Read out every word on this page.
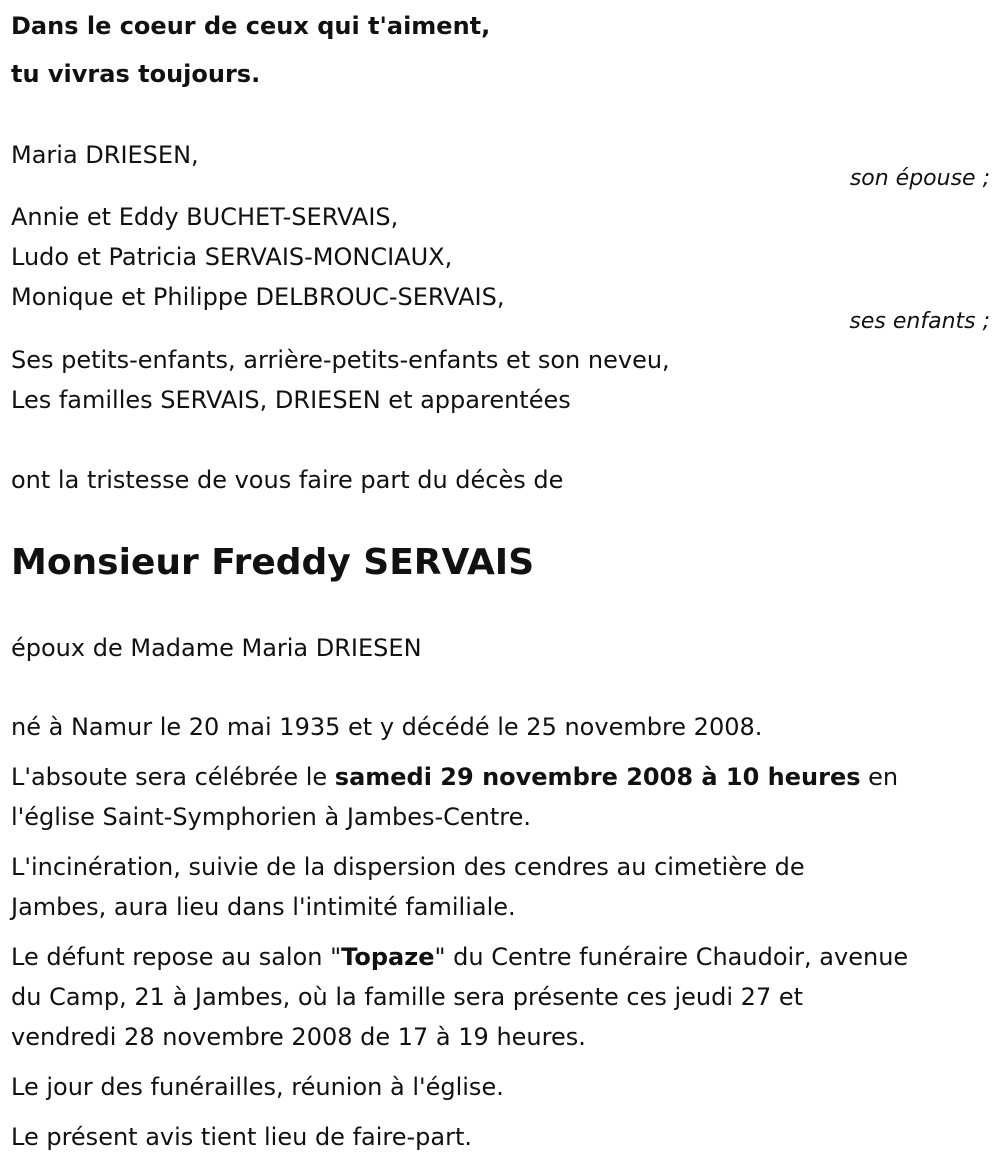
Dans le coeur de ceux qui t'aiment,
tu vivras toujours.
Maria DRIESEN,
son épouse ;
Annie et Eddy BUCHET-SERVAIS,
Ludo et Patricia SERVAIS-MONCIAUX,
Monique et Philippe DELBROUC-SERVAIS,
ses enfants ;
Ses petits-enfants, arrière-petits-enfants et son neveu,
Les familles SERVAIS, DRIESEN et apparentées
ont la tristesse de vous faire part du décès de
Monsieur Freddy SERVAIS
époux de Madame Maria DRIESEN
né à Namur le 20 mai 1935 et y décédé le 25 novembre 2008.
L'absoute sera célébrée le samedi 29 novembre 2008 à 10 heures en
l'église Saint-Symphorien à Jambes-Centre.
L'incinération, suivie de la dispersion des cendres au cimetière de
Jambes, aura lieu dans l'intimité familiale.
Le défunt repose au salon "Topaze" du Centre funéraire Chaudoir, avenue
du Camp, 21 à Jambes, où la famille sera présente ces jeudi 27 et
vendredi 28 novembre 2008 de 17 à 19 heures.
Le jour des funérailles, réunion à l'église.
Le présent avis tient lieu de faire-part.
